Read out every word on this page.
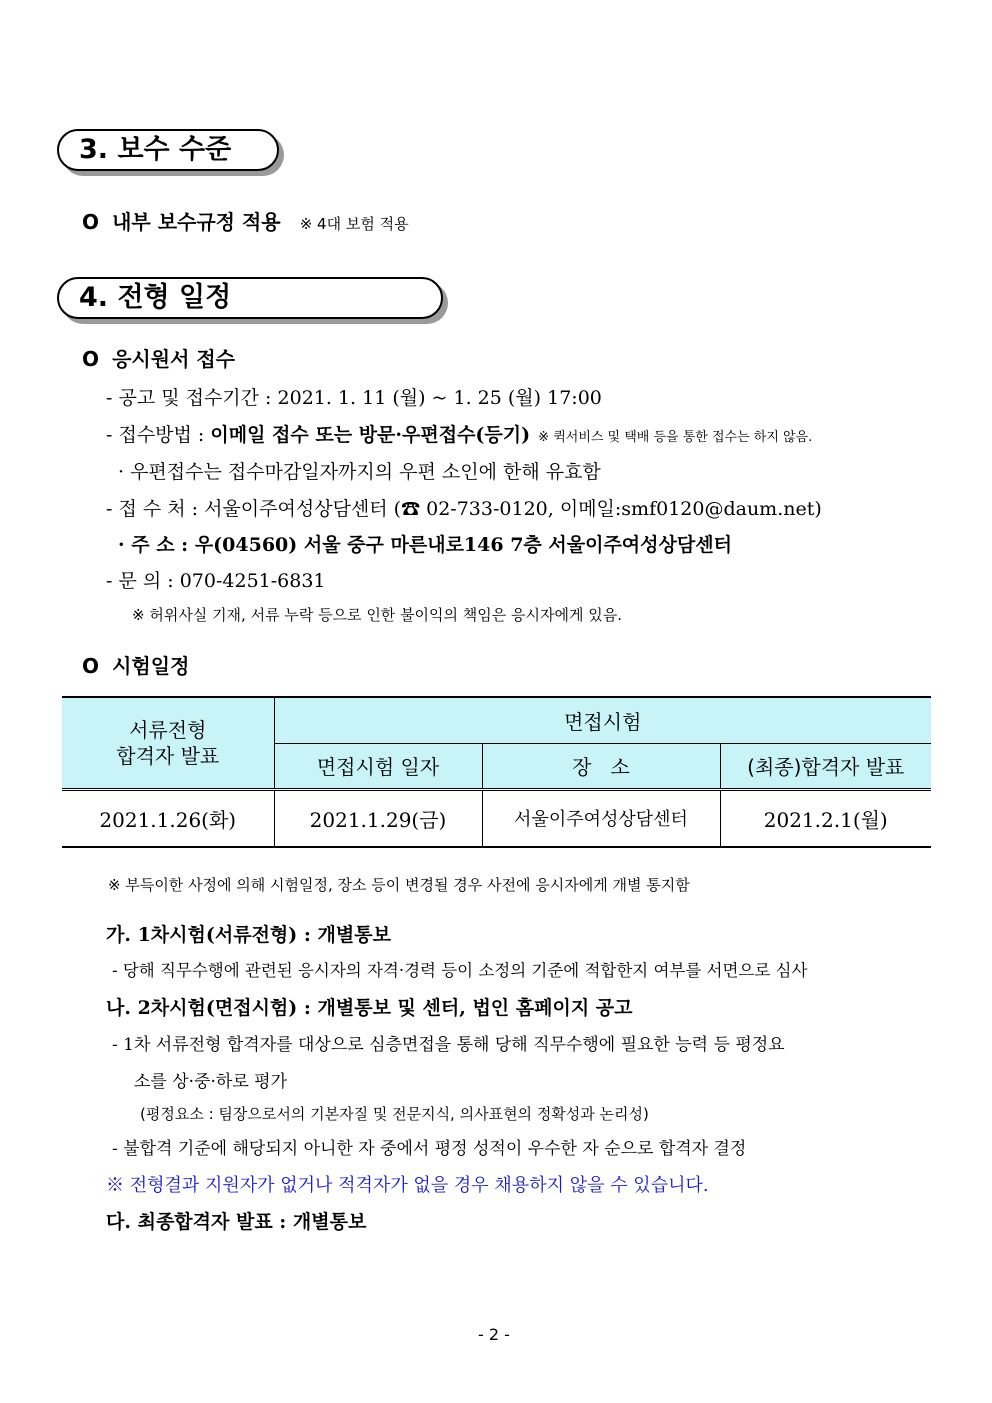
3. 보수 수준
O 내부 보수규정 적용 ※ 4대 보험 적용
4. 전형 일정
O 응시원서 접수
- 공고 및 접수기간 : 2021. 1. 11 (월) ~ 1. 25 (월) 17:00
- 접수방법 : 이메일 접수 또는 방문·우편접수(등기) ※ 퀵서비스 및 택배 등을 통한 접수는 하지 않음.
· 우편접수는 접수마감일자까지의 우편 소인에 한해 유효함
- 접 수 처 : 서울이주여성상담센터 (☎ 02-733-0120, 이메일:smf0120@daum.net)
· 주 소 : 우(04560) 서울 중구 마른내로146 7층 서울이주여성상담센터
- 문 의 : 070-4251-6831
※ 허위사실 기재, 서류 누락 등으로 인한 불이익의 책임은 응시자에게 있음.
O 시험일정
서류전형
합격자 발표	면접시험		
	면접시험 일자	장   소	(최종)합격자 발표
2021.1.26(화)	2021.1.29(금)	서울이주여성상담센터	2021.2.1(월)
※ 부득이한 사정에 의해 시험일정, 장소 등이 변경될 경우 사전에 응시자에게 개별 통지함
가. 1차시험(서류전형) : 개별통보
- 당해 직무수행에 관련된 응시자의 자격·경력 등이 소정의 기준에 적합한지 여부를 서면으로 심사
나. 2차시험(면접시험) : 개별통보 및 센터, 법인 홈페이지 공고
- 1차 서류전형 합격자를 대상으로 심층면접을 통해 당해 직무수행에 필요한 능력 등 평정요
소를 상·중·하로 평가
(평정요소 : 팀장으로서의 기본자질 및 전문지식, 의사표현의 정확성과 논리성)
- 불합격 기준에 해당되지 아니한 자 중에서 평정 성적이 우수한 자 순으로 합격자 결정
※ 전형결과 지원자가 없거나 적격자가 없을 경우 채용하지 않을 수 있습니다.
다. 최종합격자 발표 : 개별통보
- 2 -
